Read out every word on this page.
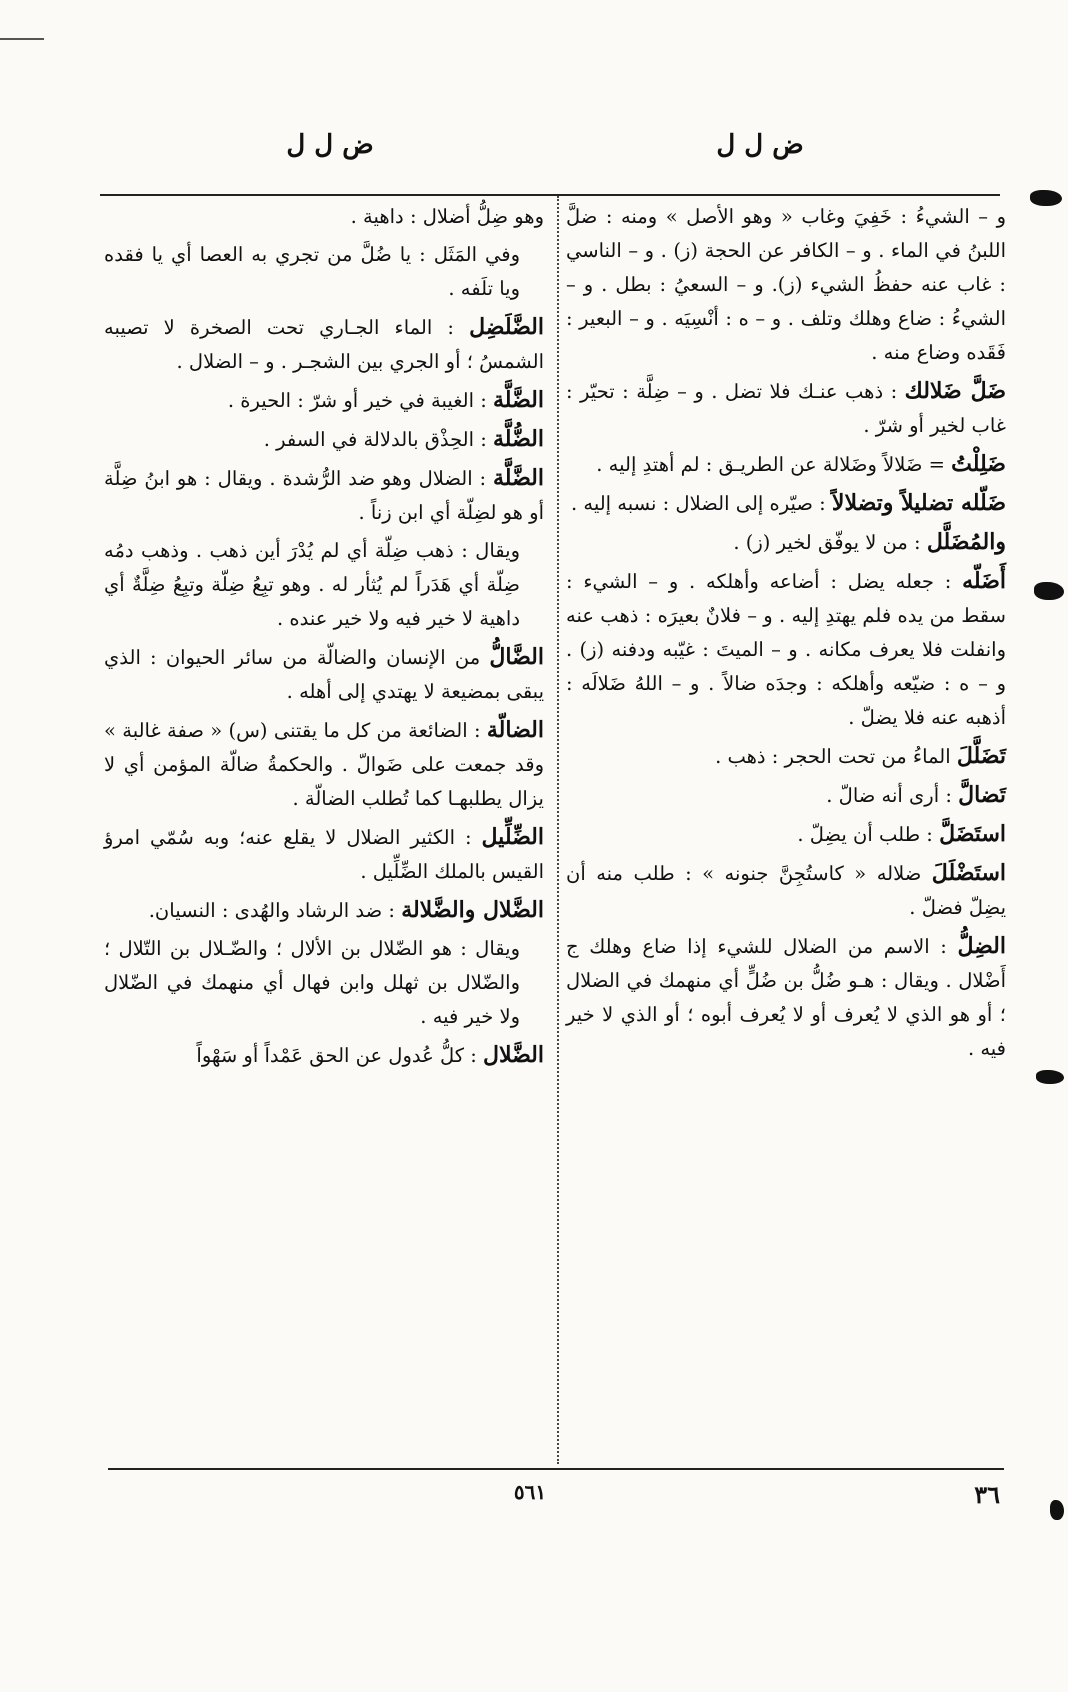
ض ل ل
ض ل ل

و – الشيءُ : خَفِيَ وغاب « وهو الأصل » ومنه : ضلَّ اللبنُ في الماء . و – الكافر عن الحجة (ز) . و – الناسي : غاب عنه حفظُ الشيء (ز). و – السعيُ : بطل . و – الشيءُ : ضاع وهلك وتلف . و – ه : أنْسِيَه . و – البعير : فَقَده وضاع منه .

ضَلَّ ضَلالك : ذهب عنـك فلا تضل . و – ضِلَّة : تحيّر : غاب لخير أو شرّ .

ضَلِلْتُ = ضَلالاً وضَلالة عن الطريـق : لم أهتدِ إليه .

ضَلّله تضليلاً وتضلالاً : صيّره إلى الضلال : نسبه إليه .

والمُضَلَّل : من لا يوفّق لخير (ز) .

أَضَلّه : جعله يضل : أضاعه وأهلكه . و – الشيء : سقط من يده فلم يهتدِ إليه . و – فلانٌ بعيرَه : ذهب عنه وانفلت فلا يعرف مكانه . و – الميتَ : غيّبه ودفنه (ز) . و – ه : ضيّعه وأهلكه : وجدَه ضالاً . و – اللهُ ضَلالَه : أذهبه عنه فلا يضلّ .

تَضَلَّلَ الماءُ من تحت الحجر : ذهب .

تَضالَّ : أرى أنه ضالّ .

استَضَلَّ : طلب أن يضِلّ .

استَضْلَلَ ضلاله « كاستُجِنَّ جنونه » : طلب منه أن يضِلّ فضلّ .

الضِلُّ : الاسم من الضلال للشيء إذا ضاع وهلك ج أَضْلال . ويقال : هـو ضُلُّ بن ضُلٍّ أي منهمك في الضلال ؛ أو هو الذي لا يُعرف أو لا يُعرف أبوه ؛ أو الذي لا خير فيه .

وهو ضِلُّ أضلال : داهية .

وفي المَثَل : يا ضُلَّ من تجري به العصا أي يا فقده ويا تلَفه .

الضَّلَضِل : الماء الجـاري تحت الصخرة لا تصيبه الشمسُ ؛ أو الجري بين الشجـر . و – الضلال .

الضَّلَّة : الغيبة في خير أو شرّ : الحيرة .

الضُّلَّة : الحِذْق بالدلالة في السفر .

الضَّلَّة : الضلال وهو ضد الرُّشدة . ويقال : هو ابنُ ضِلَّة أو هو لضِلّة أي ابن زناً .

ويقال : ذهب ضِلّة أي لم يُدْرَ أين ذهب . وذهب دمُه ضِلّة أي هَدَراً لم يُثأر له . وهو تبِعُ ضِلّة وتبِعُ ضِلَّةٌ أي داهية لا خير فيه ولا خير عنده .

الضَّالُّ من الإنسان والضالّة من سائر الحيوان : الذي يبقى بمضيعة لا يهتدي إلى أهله .

الضالّة : الضائعة من كل ما يقتنى (س) « صفة غالبة » وقد جمعت على ضَوالّ . والحكمةُ ضالّة المؤمن أي لا يزال يطلبهـا كما تُطلب الضالّة .

الضِّلِّيل : الكثير الضلال لا يقلع عنه؛ وبه سُمّي امرؤ القيس بالملك الضِّلِّيل .

الضَّلال والضَّلالة : ضد الرشاد والهُدى : النسيان.

ويقال : هو الضّلال بن الألال ؛ والضّـلال بن التّلال ؛ والضّلال بن ثهلل وابن فهال أي منهمك في الضّلال ولا خير فيه .

الضَّلال : كلُّ عُدول عن الحق عَمْداً أو سَهْواً

٣٦
٥٦١
